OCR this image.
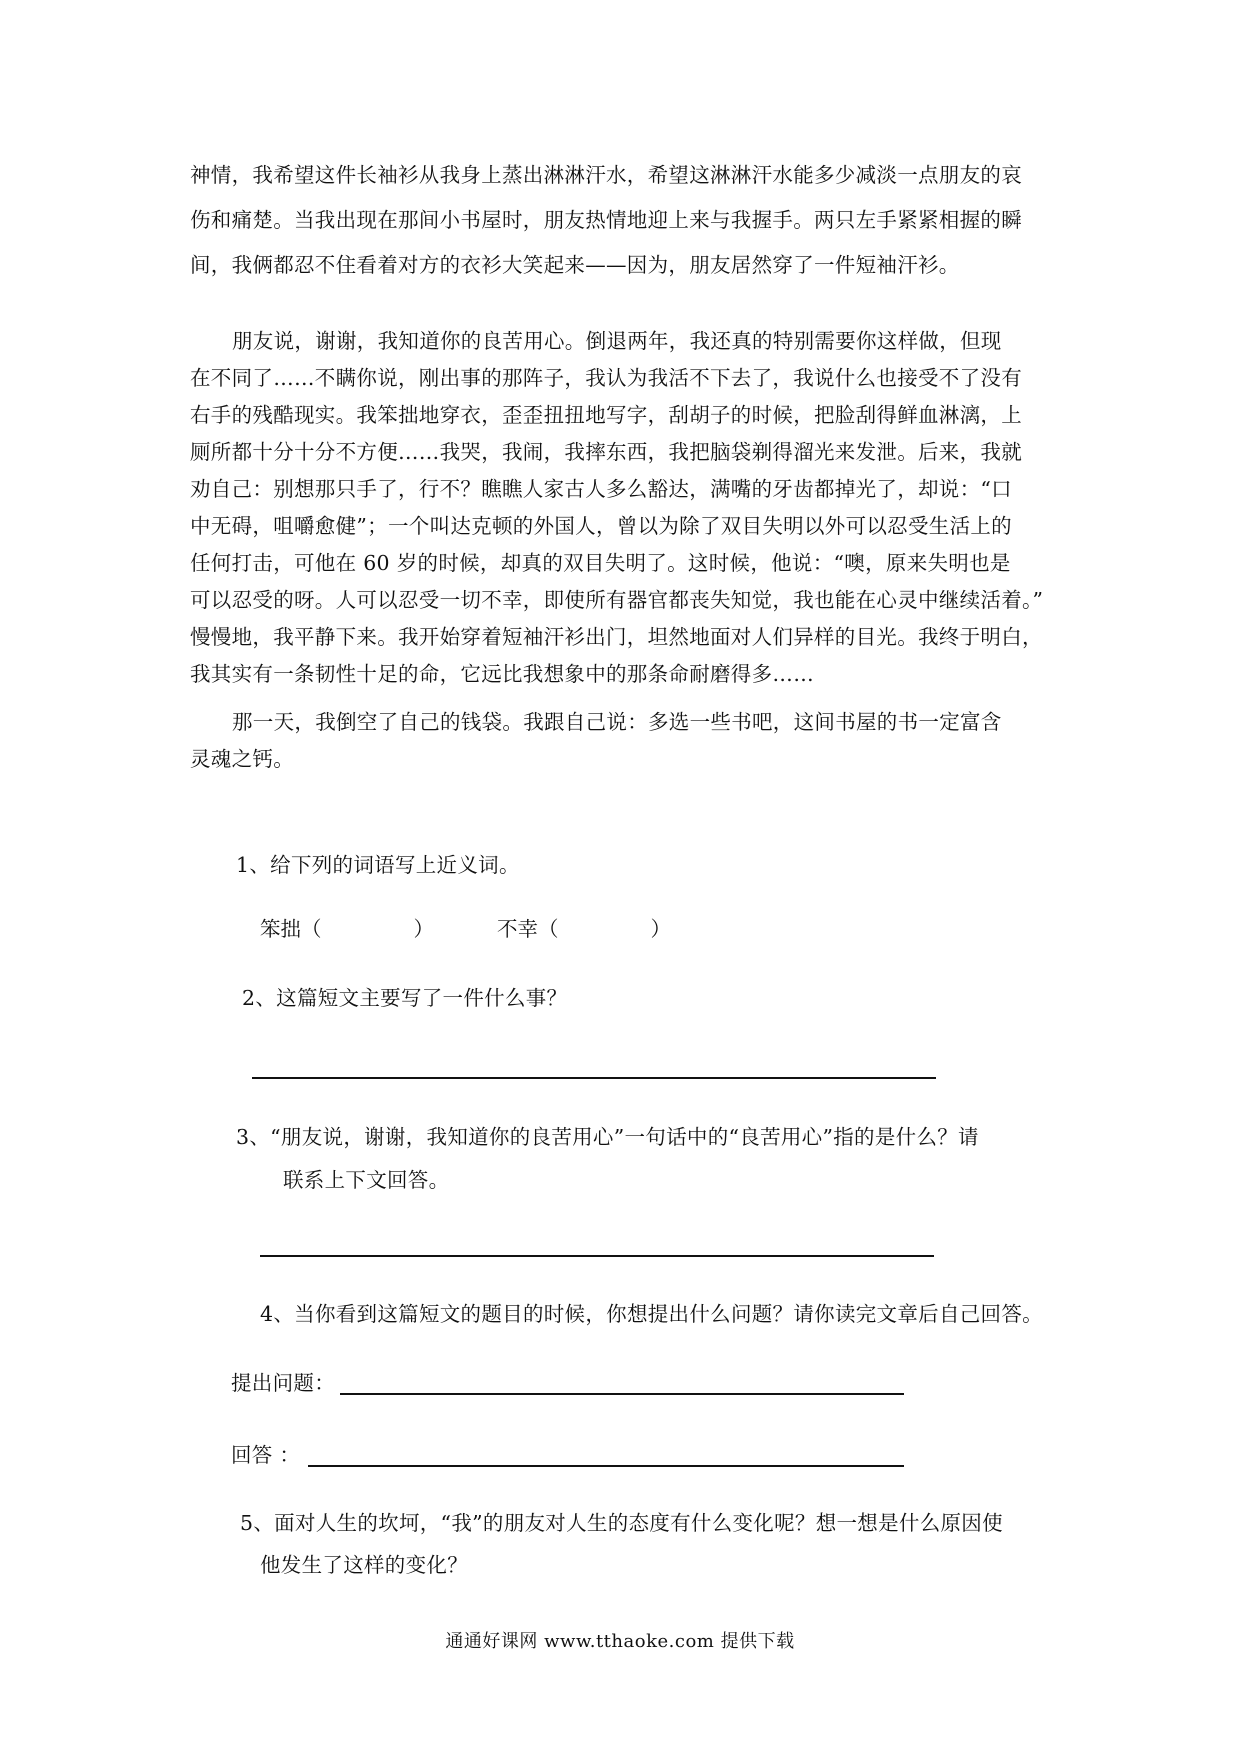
神情，我希望这件长袖衫从我身上蒸出淋淋汗水，希望这淋淋汗水能多少减淡一点朋友的哀
伤和痛楚。当我出现在那间小书屋时，朋友热情地迎上来与我握手。两只左手紧紧相握的瞬
间，我俩都忍不住看着对方的衣衫大笑起来——因为，朋友居然穿了一件短袖汗衫。
朋友说，谢谢，我知道你的良苦用心。倒退两年，我还真的特别需要你这样做，但现
在不同了……不瞒你说，刚出事的那阵子，我认为我活不下去了，我说什么也接受不了没有
右手的残酷现实。我笨拙地穿衣，歪歪扭扭地写字，刮胡子的时候，把脸刮得鲜血淋漓，上
厕所都十分十分不方便……我哭，我闹，我摔东西，我把脑袋剃得溜光来发泄。后来，我就
劝自己：别想那只手了，行不？瞧瞧人家古人多么豁达，满嘴的牙齿都掉光了，却说：“口
中无碍，咀嚼愈健”；一个叫达克顿的外国人，曾以为除了双目失明以外可以忍受生活上的
任何打击，可他在 60 岁的时候，却真的双目失明了。这时候，他说：“噢，原来失明也是
可以忍受的呀。人可以忍受一切不幸，即使所有器官都丧失知觉，我也能在心灵中继续活着。”
慢慢地，我平静下来。我开始穿着短袖汗衫出门，坦然地面对人们异样的目光。我终于明白，
我其实有一条韧性十足的命，它远比我想象中的那条命耐磨得多……
那一天，我倒空了自己的钱袋。我跟自己说：多选一些书吧，这间书屋的书一定富含
灵魂之钙。
1、给下列的词语写上近义词。
笨拙（	）	不幸（	）
2、这篇短文主要写了一件什么事？
3、“朋友说，谢谢，我知道你的良苦用心”一句话中的“良苦用心”指的是什么？请
联系上下文回答。
4、当你看到这篇短文的题目的时候，你想提出什么问题？请你读完文章后自己回答。
提出问题：
回答 ：
5、面对人生的坎坷，“我”的朋友对人生的态度有什么变化呢？想一想是什么原因使
他发生了这样的变化？
通通好课网 www.tthaoke.com 提供下载
